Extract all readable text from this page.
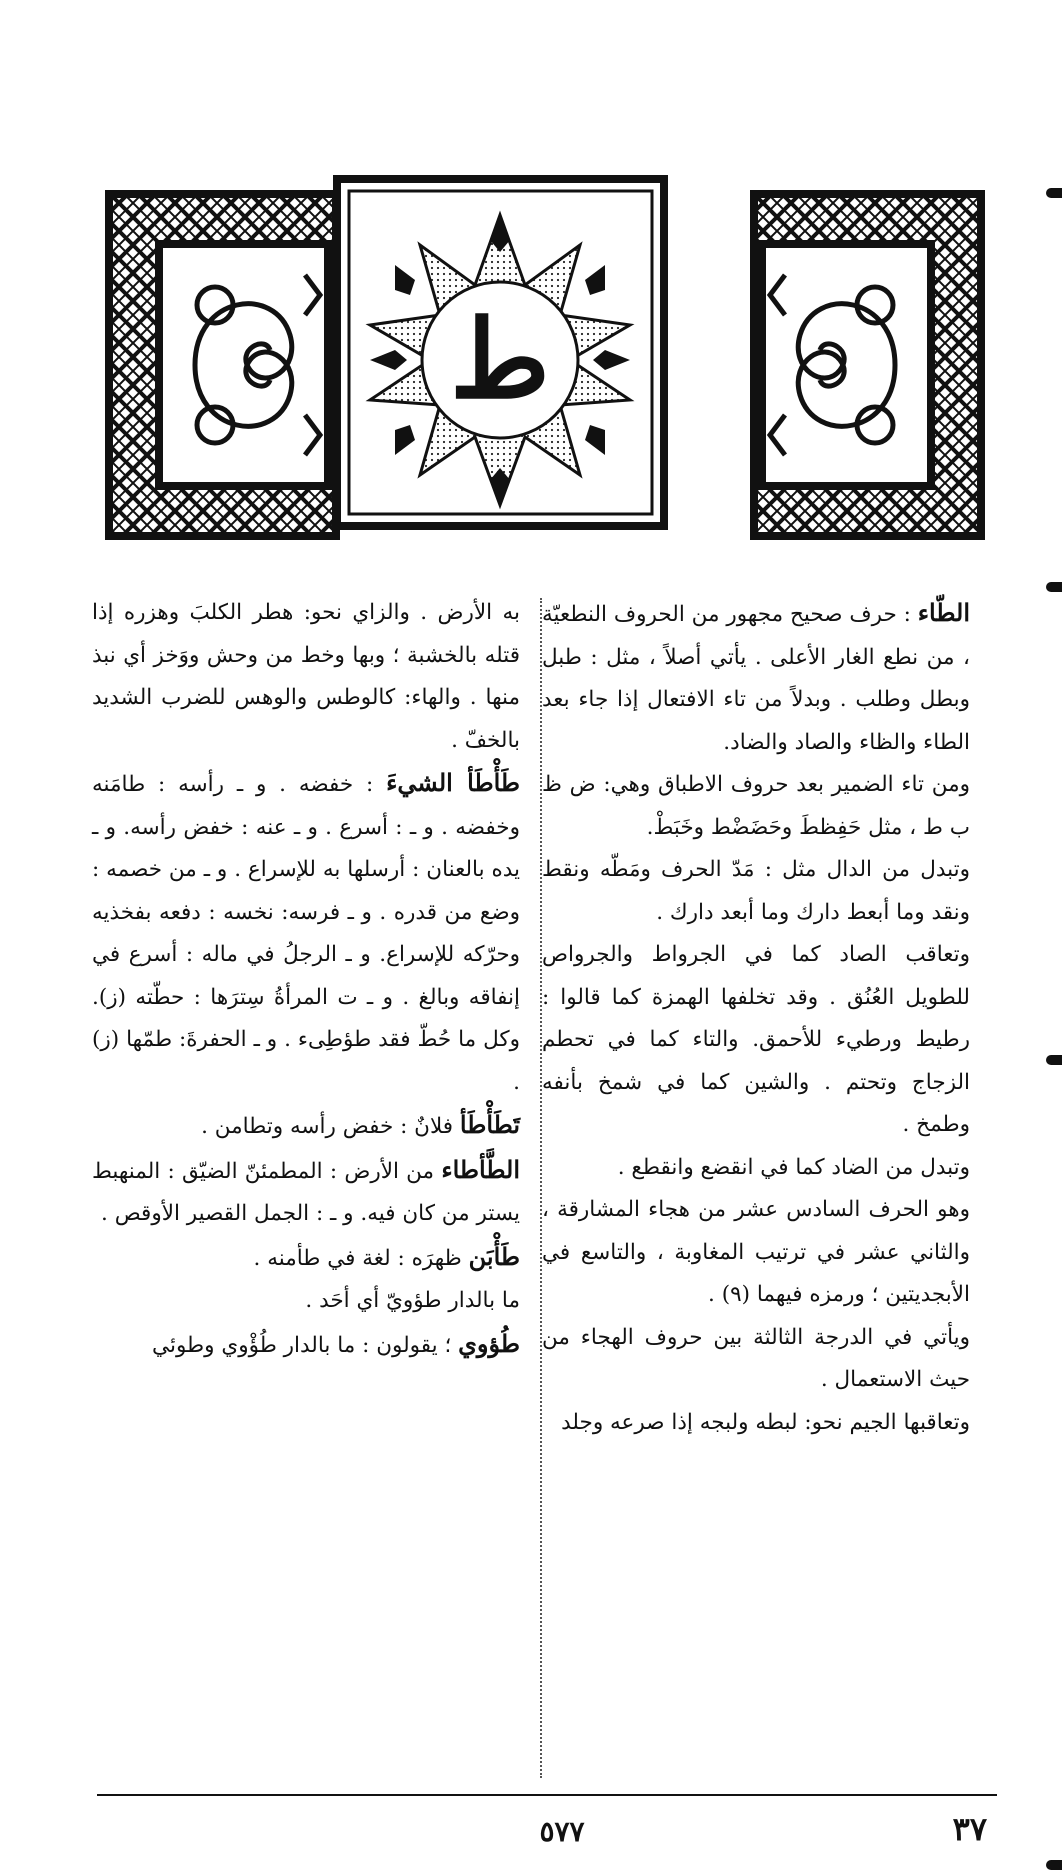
ط

الطّاء : حرف صحيح مجهور من الحروف النطعيّة ، من نطع الغار الأعلى . يأتي أصلاً ، مثل : طبل وبطل وطلب . وبدلاً من تاء الافتعال إذا جاء بعد الطاء والظاء والصاد والضاد.

ومن تاء الضمير بعد حروف الاطباق وهي: ض ظ ب ط ، مثل حَفِظطَ وحَضَضْط وخَبَطْ.

وتبدل من الدال مثل : مَدّ الحرف ومَطّه ونقط ونقد وما أبعط دارك وما أبعد دارك .

وتعاقب الصاد كما في الجرواط والجرواص للطويل العُنُق . وقد تخلفها الهمزة كما قالوا : رطيط ورطيء للأحمق. والتاء كما في تحطم الزجاج وتحتم . والشين كما في شمخ بأنفه وطمخ .

وتبدل من الضاد كما في انقضع وانقطع .

وهو الحرف السادس عشر من هجاء المشارقة ، والثاني عشر في ترتيب المغاوبة ، والتاسع في الأبجديتين ؛ ورمزه فيهما (٩) .

ويأتي في الدرجة الثالثة بين حروف الهجاء من حيث الاستعمال .

وتعاقبها الجيم نحو: لبطه ولبجه إذا صرعه وجلد

به الأرض . والزاي نحو: هطر الكلبَ وهزره إذا قتله بالخشبة ؛ وبها وخط من وحش ووَخز أي نبذ منها . والهاء: كالوطس والوهس للضرب الشديد بالخفّ .

طَأْطَأ الشيءَ : خفضه . و ـ رأسه : طامَنه وخفضه . و ـ : أسرع . و ـ عنه : خفض رأسه. و ـ يده بالعنان : أرسلها به للإسراع . و ـ من خصمه : وضع من قدره . و ـ فرسه: نخسه : دفعه بفخذيه وحرّكه للإسراع. و ـ الرجلُ في ماله : أسرع في إنفاقه وبالغ . و ـ ت المرأةُ سِترَها : حطّته (ز). وكل ما حُطّ فقد طؤطِىء . و ـ الحفرةَ: طمّها (ز) .

تَطَأْطَأ فلانٌ : خفض رأسه وتطامن .

الطَّأطاء من الأرض : المطمئنّ الضيّق : المنهبط يستر من كان فيه. و ـ : الجمل القصير الأوقص .

طَأْبَن ظهرَه : لغة في طأمنه .

ما بالدار طؤويّ أي أحَد .

طُؤوي ؛ يقولون : ما بالدار طُؤْوي وطوئي

٥٧٧	٣٧
